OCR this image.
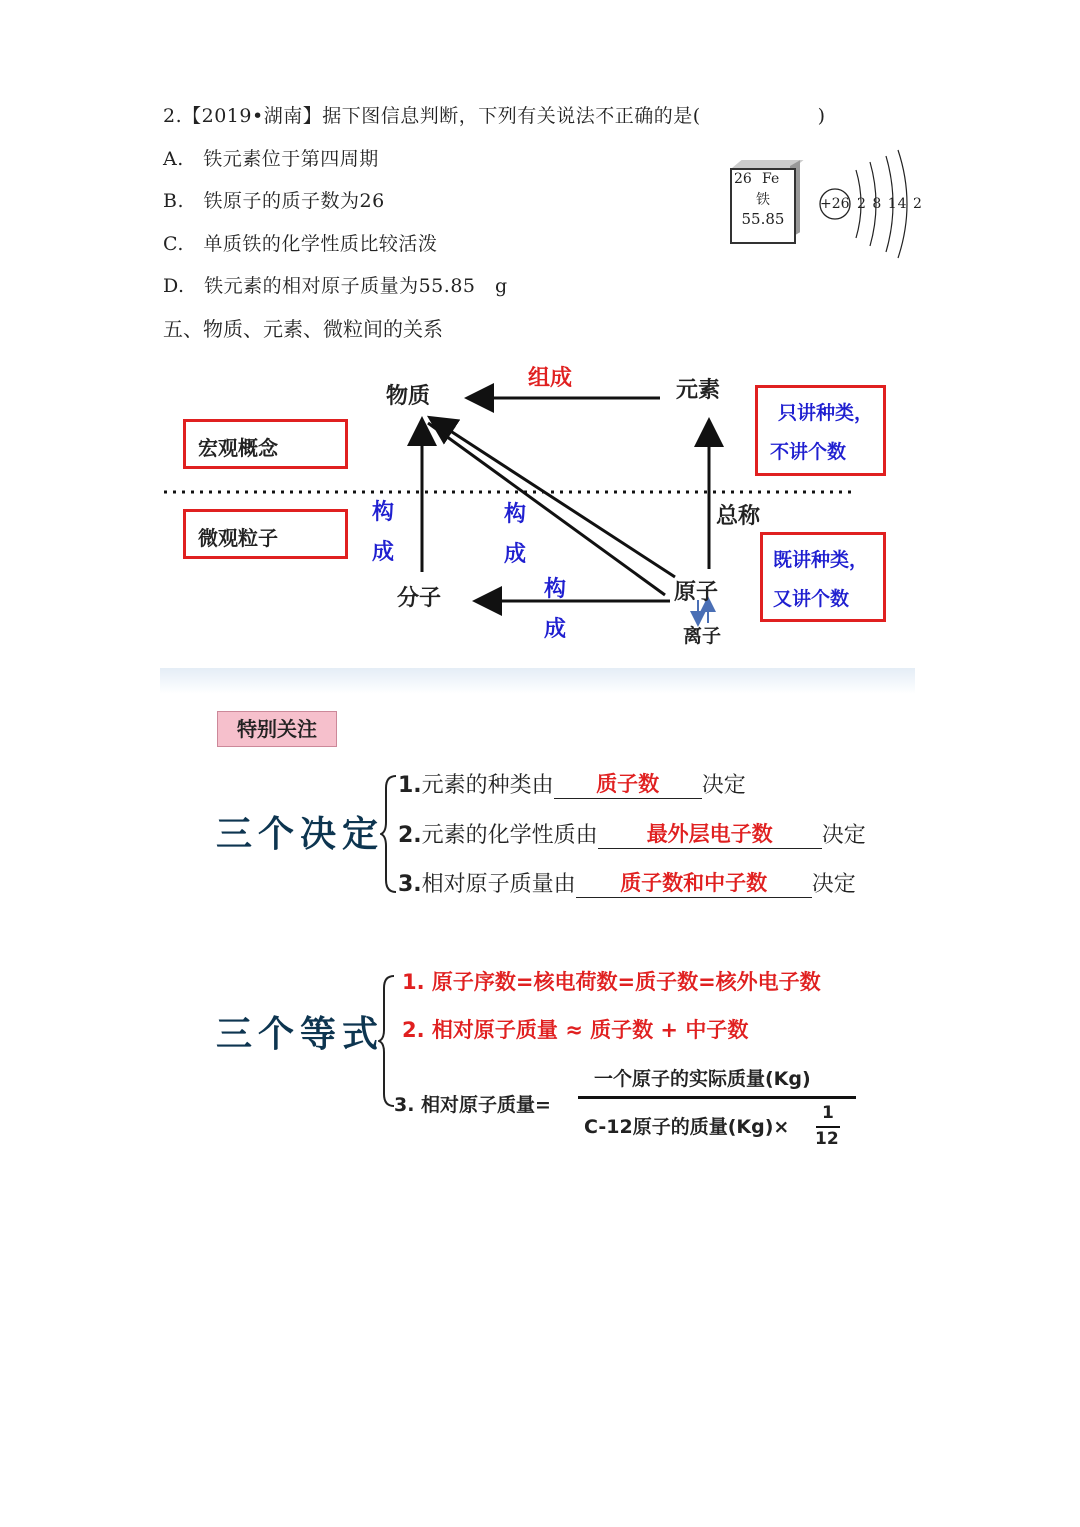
2.【2019•湖南】据下图信息判断，下列有关说法不正确的是(　　　　　　)
A.　铁元素位于第四周期
B.　铁原子的质子数为26
C.　单质铁的化学性质比较活泼
D.　铁元素的相对原子质量为55.85　g
26 Fe
铁
55.85
+26 2 8 14 2
五、物质、元素、微粒间的关系
物质
组成	元素
宏观概念
微观粒子
只讲种类，
不讲个数
既讲种类，
又讲个数
构
成
构
成
构
成
总称
分子	原子
离子
特别关注
三个决定
1.元素的种类由 质子数 决定
2.元素的化学性质由 最外层电子数 决定
3.相对原子质量由 质子数和中子数 决定
三个等式
1. 原子序数=核电荷数=质子数=核外电子数
2. 相对原子质量 ≈ 质子数 + 中子数
3. 相对原子质量=
一个原子的实际质量(Kg)
C-12原子的质量(Kg)×
1
12
